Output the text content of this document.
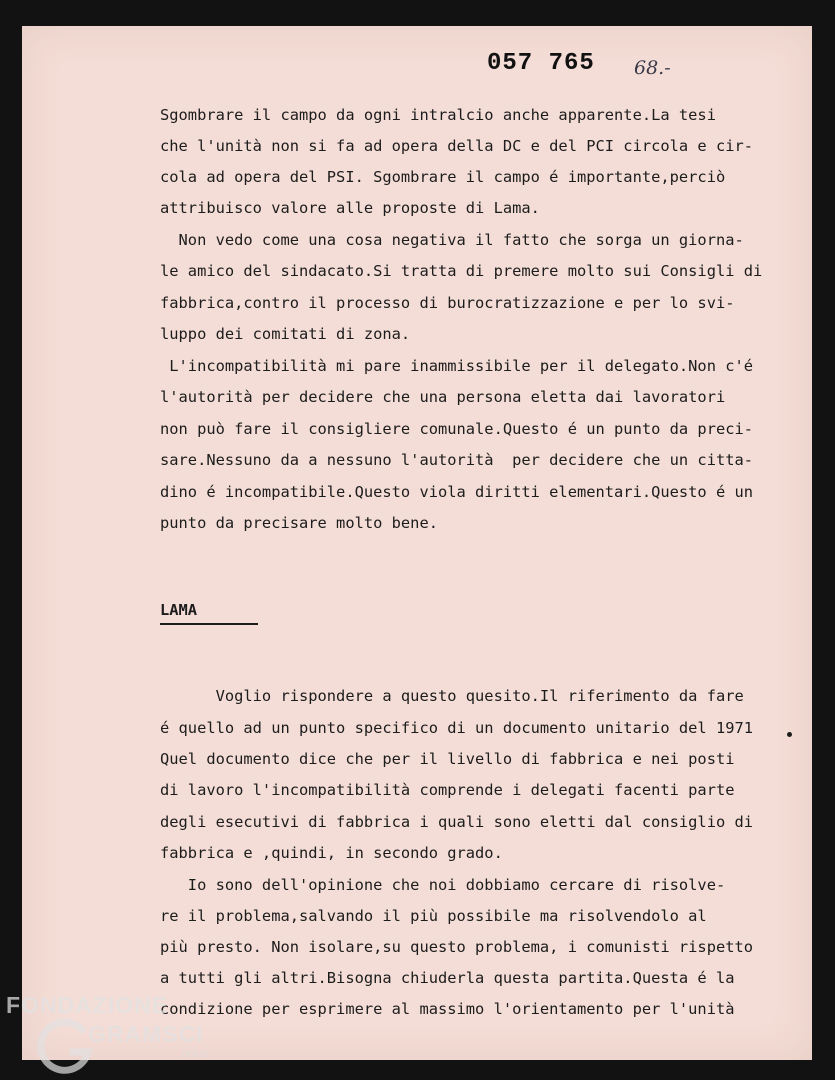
057 765 68.-
Sgombrare il campo da ogni intralcio anche apparente.La tesi
che l'unità non si fa ad opera della DC e del PCI circola e cir-
cola ad opera del PSI. Sgombrare il campo é importante,perciò
attribuisco valore alle proposte di Lama.
Non vedo come una cosa negativa il fatto che sorga un giorna-
le amico del sindacato.Si tratta di premere molto sui Consigli di
fabbrica,contro il processo di burocratizzazione e per lo svi-
luppo dei comitati di zona.
L'incompatibilità mi pare inammissibile per il delegato.Non c'é
l'autorità per decidere che una persona eletta dai lavoratori
non può fare il consigliere comunale.Questo é un punto da preci-
sare.Nessuno da a nessuno l'autorità  per decidere che un citta-
dino é incompatibile.Questo viola diritti elementari.Questo é un
punto da precisare molto bene.
LAMA
Voglio rispondere a questo quesito.Il riferimento da fare
é quello ad un punto specifico di un documento unitario del 1971
Quel documento dice che per il livello di fabbrica e nei posti
di lavoro l'incompatibilità comprende i delegati facenti parte
degli esecutivi di fabbrica i quali sono eletti dal consiglio di
fabbrica e ,quindi, in secondo grado.
Io sono dell'opinione che noi dobbiamo cercare di risolve-
re il problema,salvando il più possibile ma risolvendolo al
più presto. Non isolare,su questo problema, i comunisti rispetto
a tutti gli altri.Bisogna chiuderla questa partita.Questa é la
condizione per esprimere al massimo l'orientamento per l'unità
FONDAZIONE
GRAMSCI
onlus
